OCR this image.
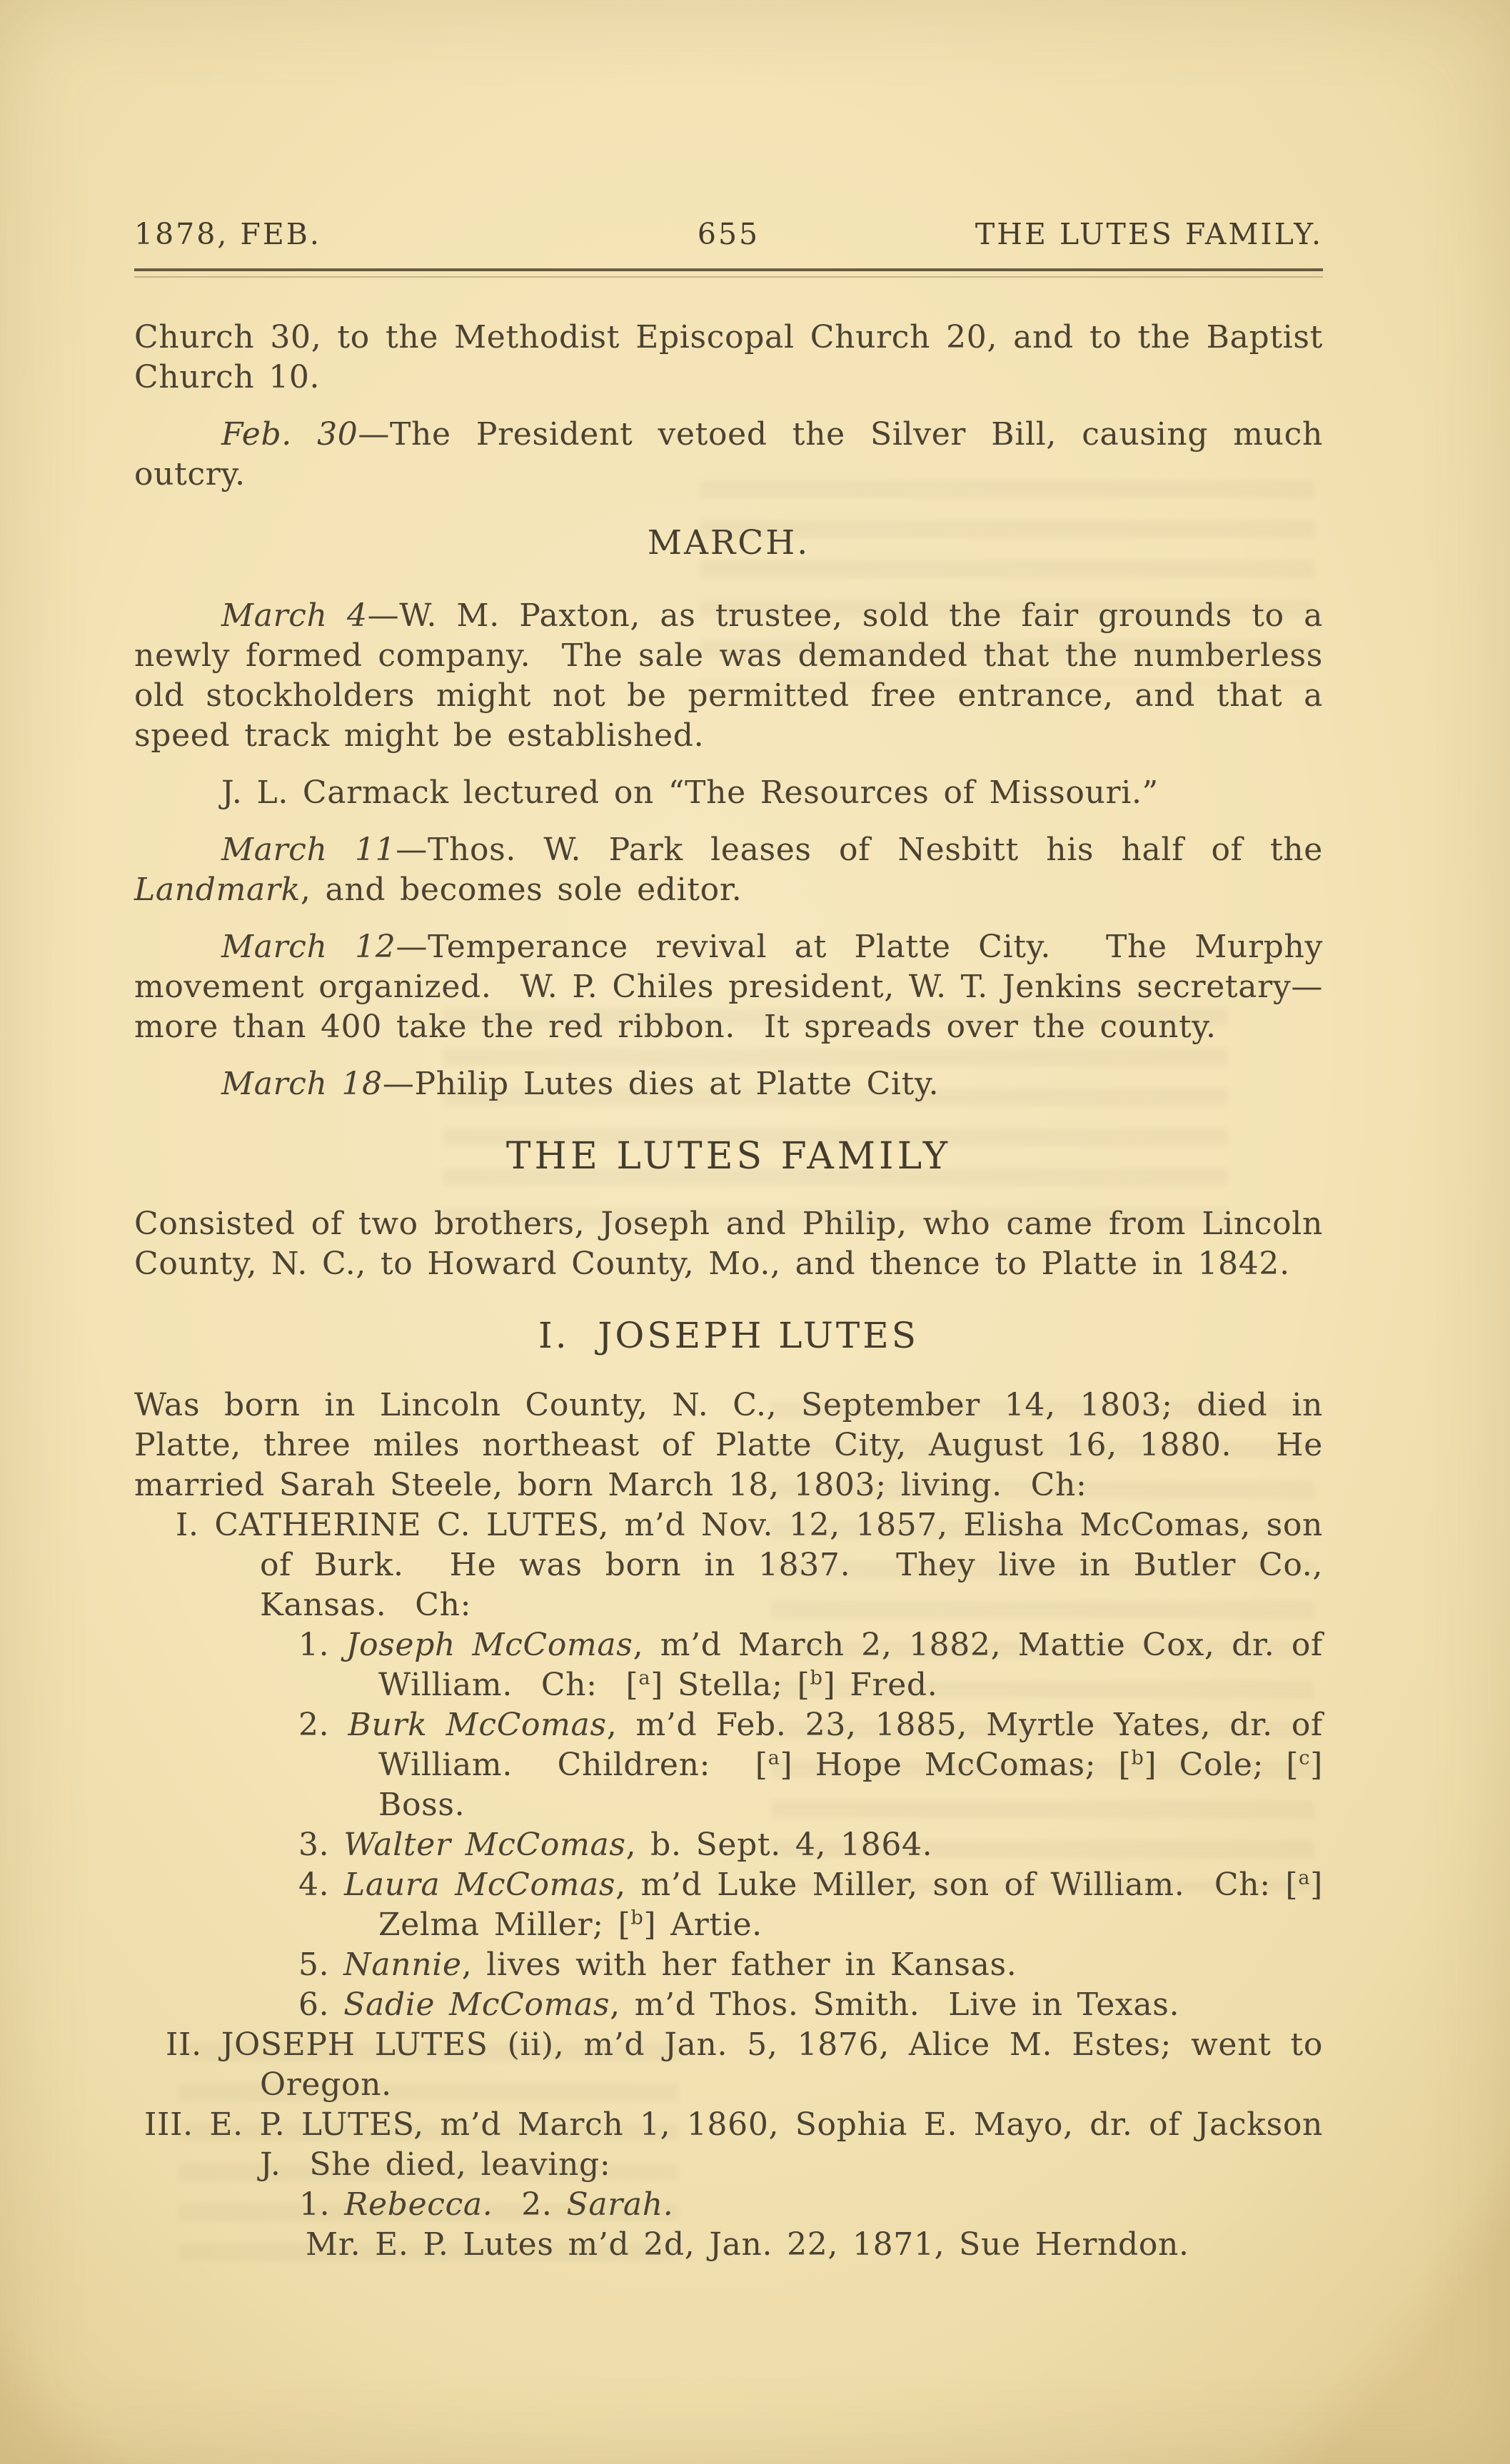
1878, FEB.	655	THE LUTES FAMILY.

Church 30, to the Methodist Episcopal Church 20, and to the Baptist Church 10.

Feb. 30—The President vetoed the Silver Bill, causing much outcry.

MARCH.

March 4—W. M. Paxton, as trustee, sold the fair grounds to a newly formed company.  The sale was demanded that the numberless old stockholders might not be permitted free entrance, and that a speed track might be established.

J. L. Carmack lectured on “The Resources of Missouri.”

March 11—Thos. W. Park leases of Nesbitt his half of the Landmark, and becomes sole editor.

March 12—Temperance revival at Platte City.  The Murphy movement organized.  W. P. Chiles president, W. T. Jenkins secretary—more than 400 take the red ribbon.  It spreads over the county.

March 18—Philip Lutes dies at Platte City.

THE LUTES FAMILY

Consisted of two brothers, Joseph and Philip, who came from Lincoln County, N. C., to Howard County, Mo., and thence to Platte in 1842.

I.  JOSEPH LUTES

Was born in Lincoln County, N. C., September 14, 1803; died in Platte, three miles northeast of Platte City, August 16, 1880.  He married Sarah Steele, born March 18, 1803; living.  Ch:

I. CATHERINE C. LUTES, m’d Nov. 12, 1857, Elisha McComas, son of Burk.  He was born in 1837.  They live in Butler Co., Kansas.  Ch:
1. Joseph McComas, m’d March 2, 1882, Mattie Cox, dr. of William.  Ch:  [$^a$] Stella; [$^b$] Fred.
2. Burk McComas, m’d Feb. 23, 1885, Myrtle Yates, dr. of William.  Children:  [$^a$] Hope McComas; [$^b$] Cole; [$^c$] Boss.
3. Walter McComas, b. Sept. 4, 1864.
4. Laura McComas, m’d Luke Miller, son of William.  Ch: [$^a$] Zelma Miller; [$^b$] Artie.
5. Nannie, lives with her father in Kansas.
6. Sadie McComas, m’d Thos. Smith.  Live in Texas.
II. JOSEPH LUTES (ii), m’d Jan. 5, 1876, Alice M. Estes; went to Oregon.
III. E. P. LUTES, m’d March 1, 1860, Sophia E. Mayo, dr. of Jackson J.  She died, leaving:
1. Rebecca. 2. Sarah.
Mr. E. P. Lutes m’d 2d, Jan. 22, 1871, Sue Herndon.
